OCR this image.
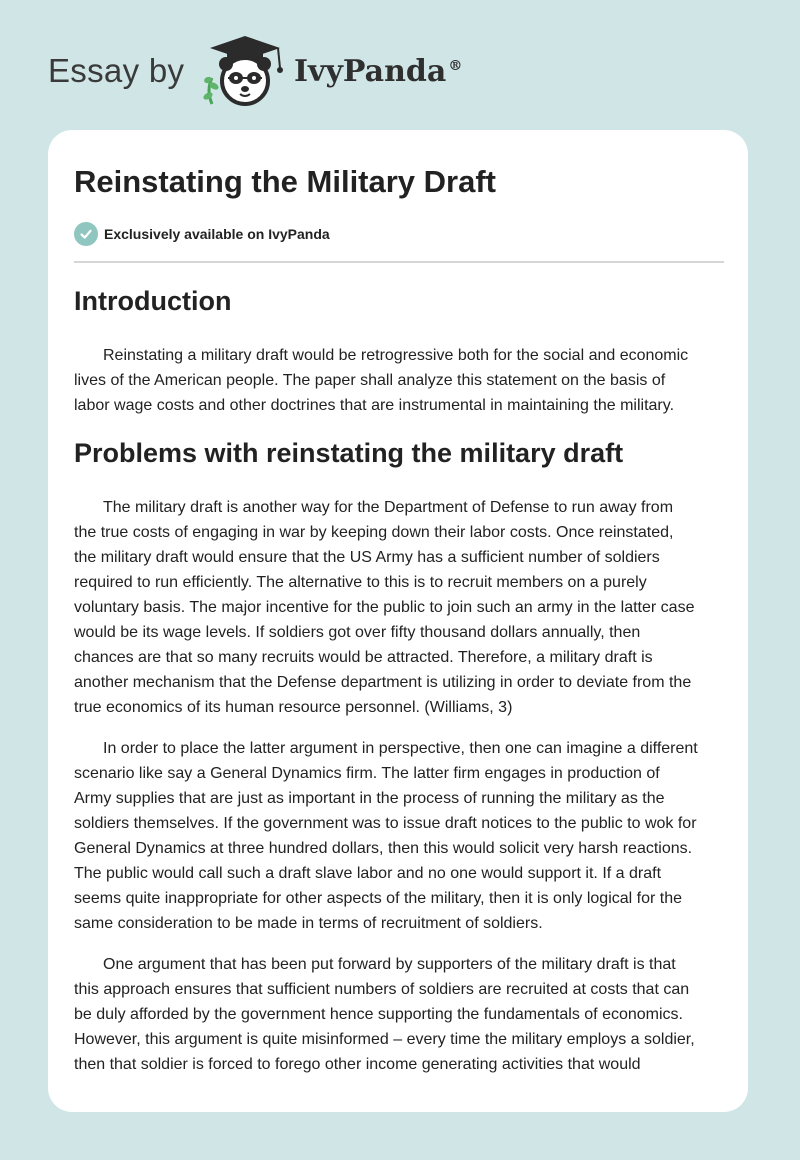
Essay by	IvyPanda ®
Reinstating the Military Draft
Exclusively available on IvyPanda
Introduction
Reinstating a military draft would be retrogressive both for the social and economic
lives of the American people. The paper shall analyze this statement on the basis of
labor wage costs and other doctrines that are instrumental in maintaining the military.
Problems with reinstating the military draft
The military draft is another way for the Department of Defense to run away from
the true costs of engaging in war by keeping down their labor costs. Once reinstated,
the military draft would ensure that the US Army has a sufficient number of soldiers
required to run efficiently. The alternative to this is to recruit members on a purely
voluntary basis. The major incentive for the public to join such an army in the latter case
would be its wage levels. If soldiers got over fifty thousand dollars annually, then
chances are that so many recruits would be attracted. Therefore, a military draft is
another mechanism that the Defense department is utilizing in order to deviate from the
true economics of its human resource personnel. (Williams, 3)
In order to place the latter argument in perspective, then one can imagine a different
scenario like say a General Dynamics firm. The latter firm engages in production of
Army supplies that are just as important in the process of running the military as the
soldiers themselves. If the government was to issue draft notices to the public to wok for
General Dynamics at three hundred dollars, then this would solicit very harsh reactions.
The public would call such a draft slave labor and no one would support it. If a draft
seems quite inappropriate for other aspects of the military, then it is only logical for the
same consideration to be made in terms of recruitment of soldiers.
One argument that has been put forward by supporters of the military draft is that
this approach ensures that sufficient numbers of soldiers are recruited at costs that can
be duly afforded by the government hence supporting the fundamentals of economics.
However, this argument is quite misinformed – every time the military employs a soldier,
then that soldier is forced to forego other income generating activities that would
